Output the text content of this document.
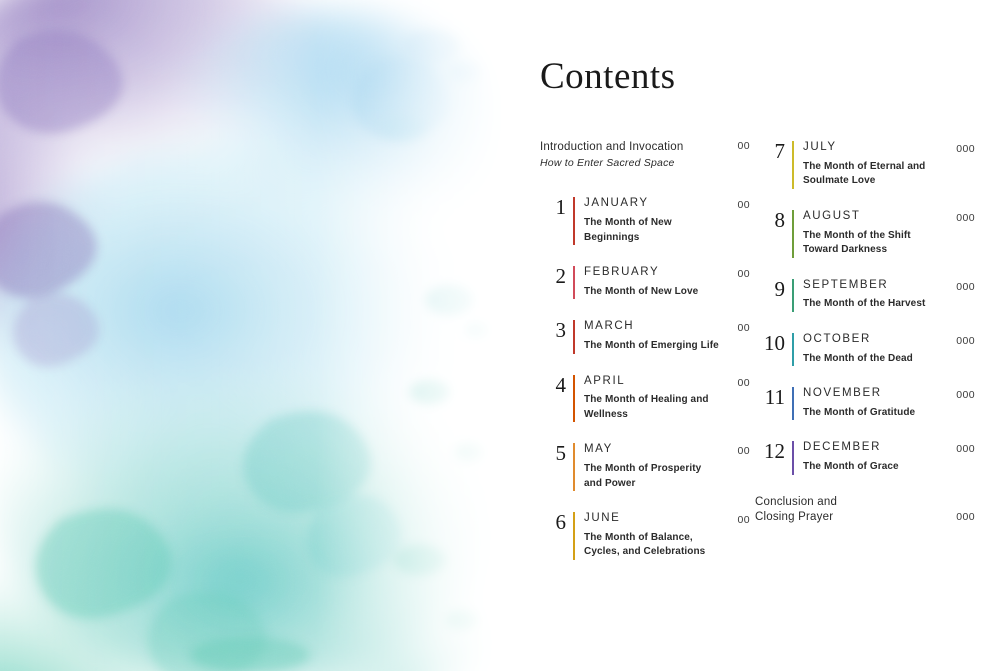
Contents
Introduction and Invocation
How to Enter Sacred Space
00
1 JANUARY
The Month of New Beginnings
00
2 FEBRUARY
The Month of New Love
00
3 MARCH
The Month of Emerging Life
00
4 APRIL
The Month of Healing and Wellness
00
5 MAY
The Month of Prosperity and Power
00
6 JUNE
The Month of Balance, Cycles, and Celebrations
00
7 JULY
The Month of Eternal and Soulmate Love
000
8 AUGUST
The Month of the Shift Toward Darkness
000
9 SEPTEMBER
The Month of the Harvest
000
10 OCTOBER
The Month of the Dead
000
11 NOVEMBER
The Month of Gratitude
000
12 DECEMBER
The Month of Grace
000
Conclusion and Closing Prayer	000
